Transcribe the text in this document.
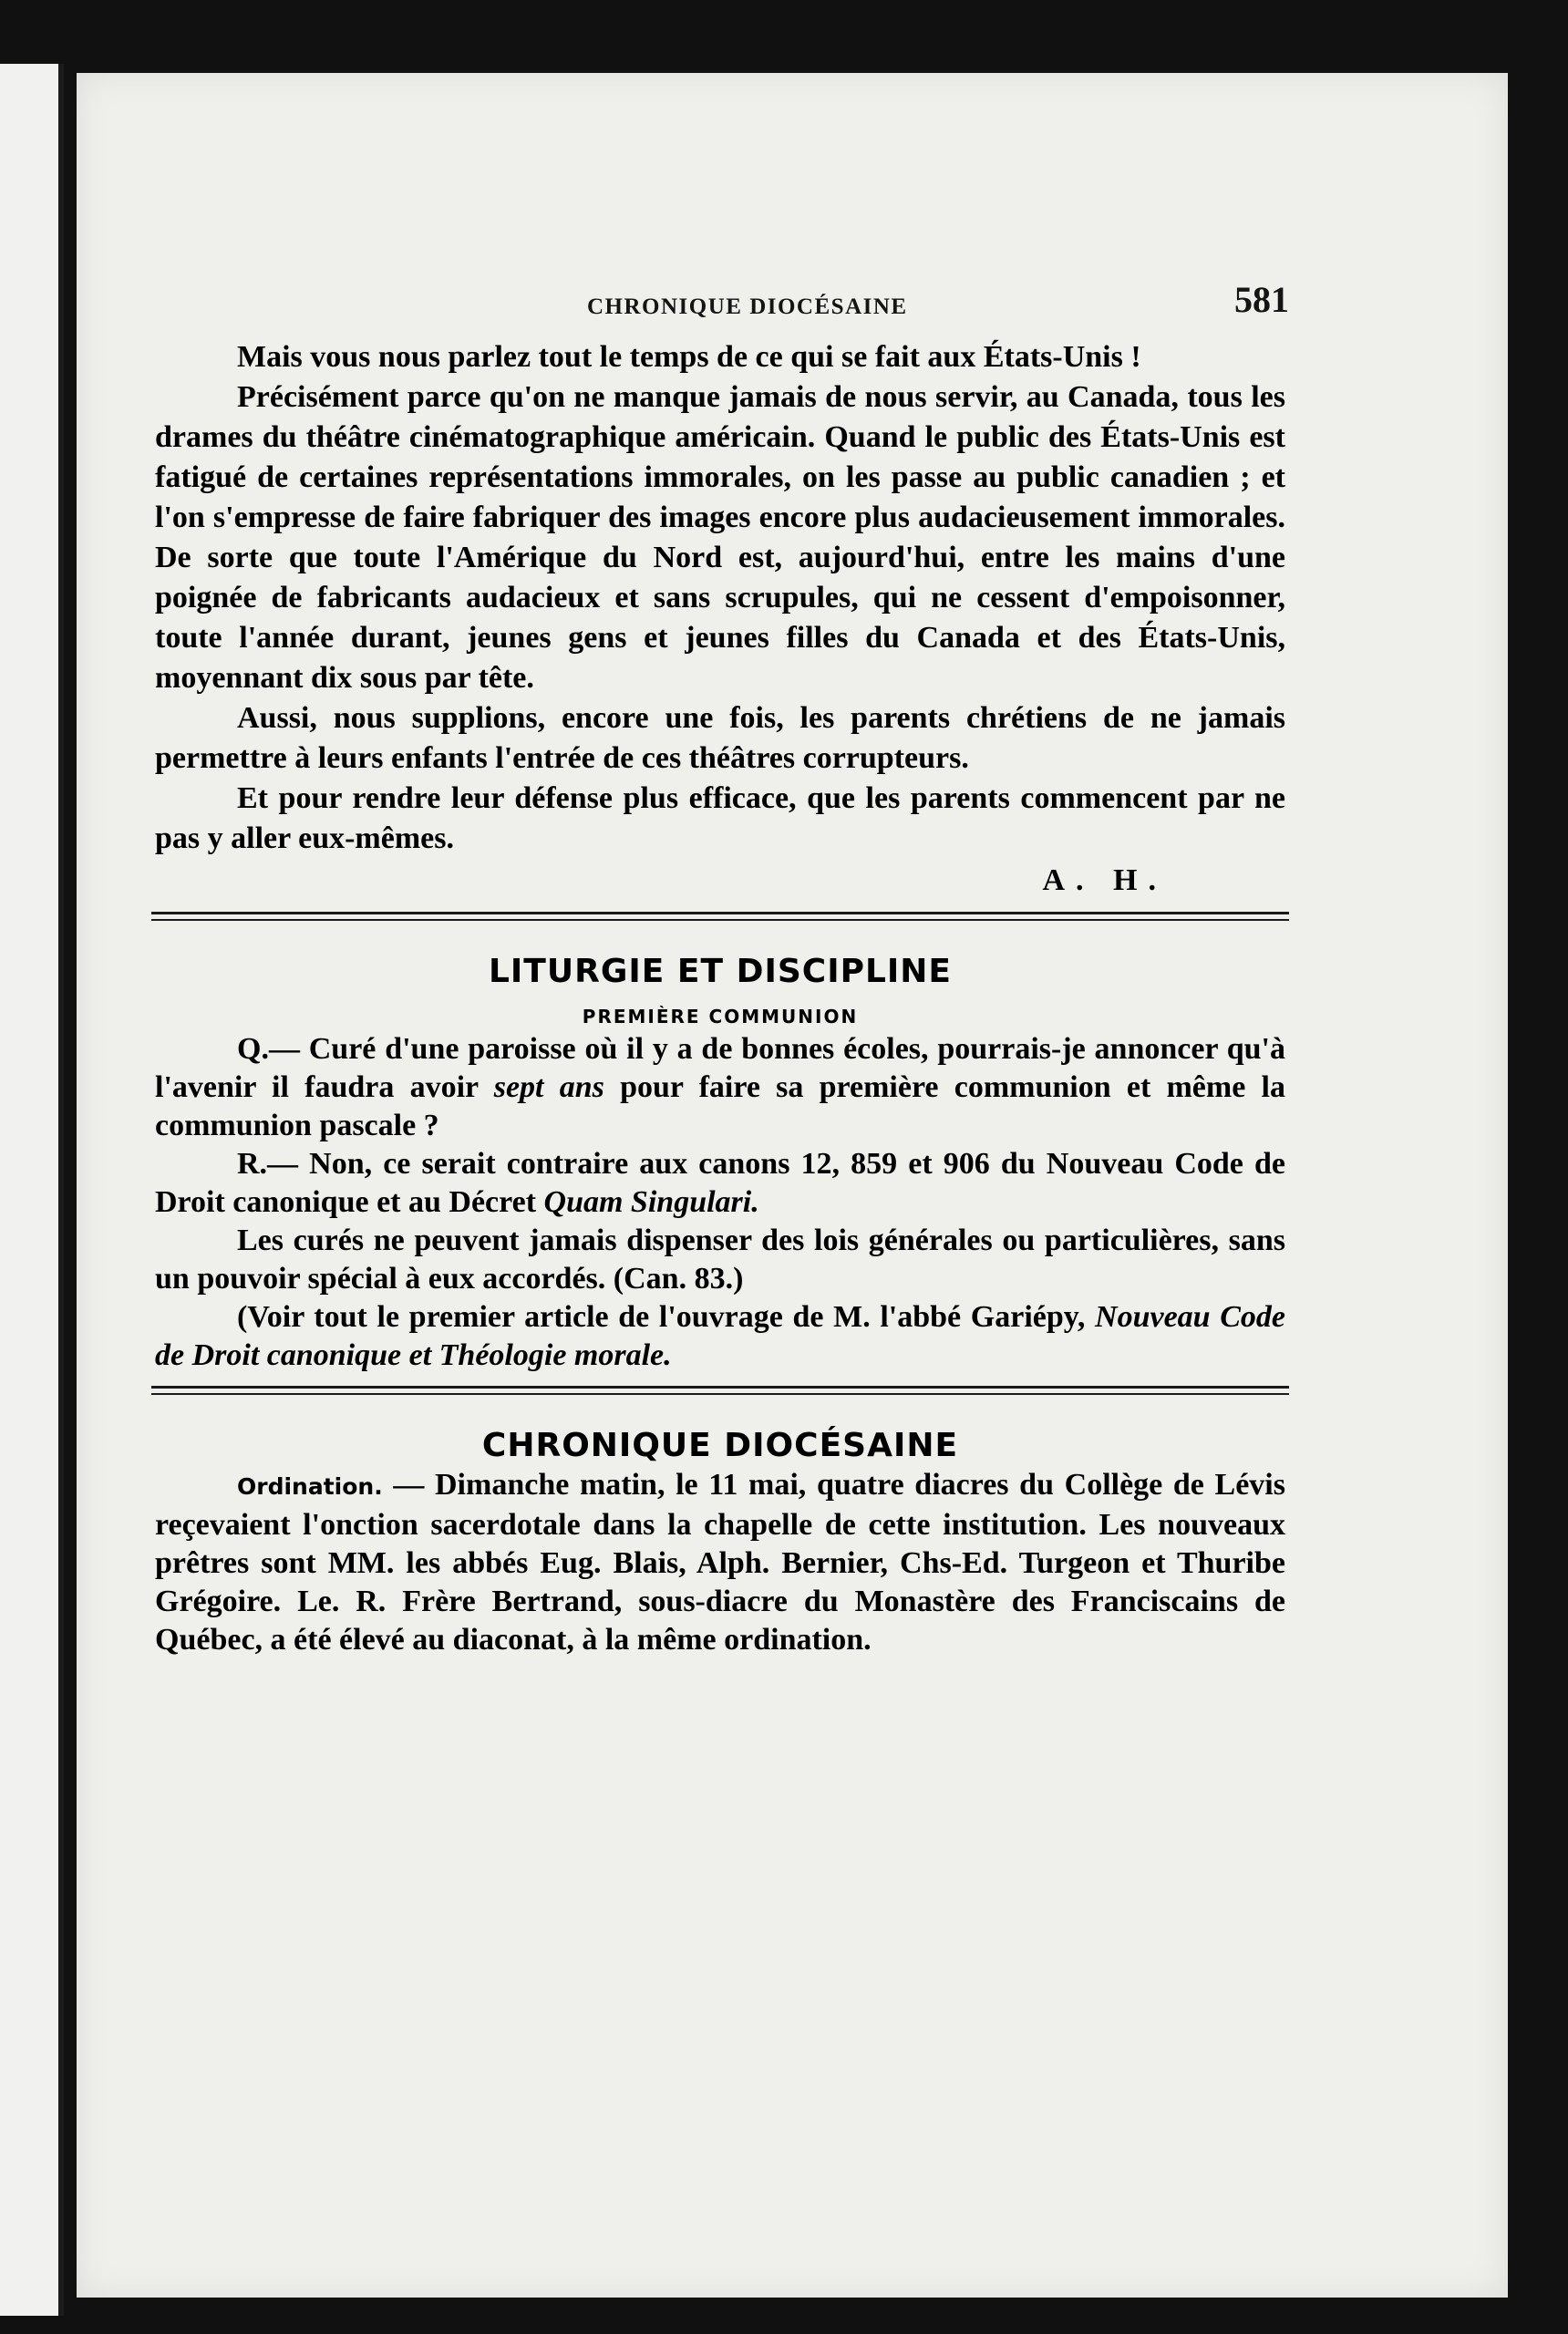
CHRONIQUE DIOCÉSAINE	581

Mais vous nous parlez tout le temps de ce qui se fait aux États-Unis !

Précisément parce qu'on ne manque jamais de nous servir, au Canada, tous les drames du théâtre cinématographique américain. Quand le public des États-Unis est fatigué de certaines représentations immorales, on les passe au public canadien ; et l'on s'empresse de faire fabriquer des images encore plus audacieusement immorales. De sorte que toute l'Amérique du Nord est, aujourd'hui, entre les mains d'une poignée de fabricants audacieux et sans scrupules, qui ne cessent d'empoisonner, toute l'année durant, jeunes gens et jeunes filles du Canada et des États-Unis, moyennant dix sous par tête.

Aussi, nous supplions, encore une fois, les parents chrétiens de ne jamais permettre à leurs enfants l'entrée de ces théâtres corrupteurs.

Et pour rendre leur défense plus efficace, que les parents commencent par ne pas y aller eux-mêmes.

A. H.
LITURGIE ET DISCIPLINE
PREMIÈRE COMMUNION

Q.— Curé d'une paroisse où il y a de bonnes écoles, pourrais-je annoncer qu'à l'avenir il faudra avoir sept ans pour faire sa première communion et même la communion pascale ?

R.— Non, ce serait contraire aux canons 12, 859 et 906 du Nouveau Code de Droit canonique et au Décret Quam Singulari.

Les curés ne peuvent jamais dispenser des lois générales ou particulières, sans un pouvoir spécial à eux accordés. (Can. 83.)

(Voir tout le premier article de l'ouvrage de M. l'abbé Gariépy, Nouveau Code de Droit canonique et Théologie morale.

CHRONIQUE DIOCÉSAINE

Ordination. — Dimanche matin, le 11 mai, quatre diacres du Collège de Lévis reçevaient l'onction sacerdotale dans la chapelle de cette institution. Les nouveaux prêtres sont MM. les abbés Eug. Blais, Alph. Bernier, Chs-Ed. Turgeon et Thuribe Grégoire. Le. R. Frère Bertrand, sous-diacre du Monastère des Franciscains de Québec, a été élevé au diaconat, à la même ordination.
